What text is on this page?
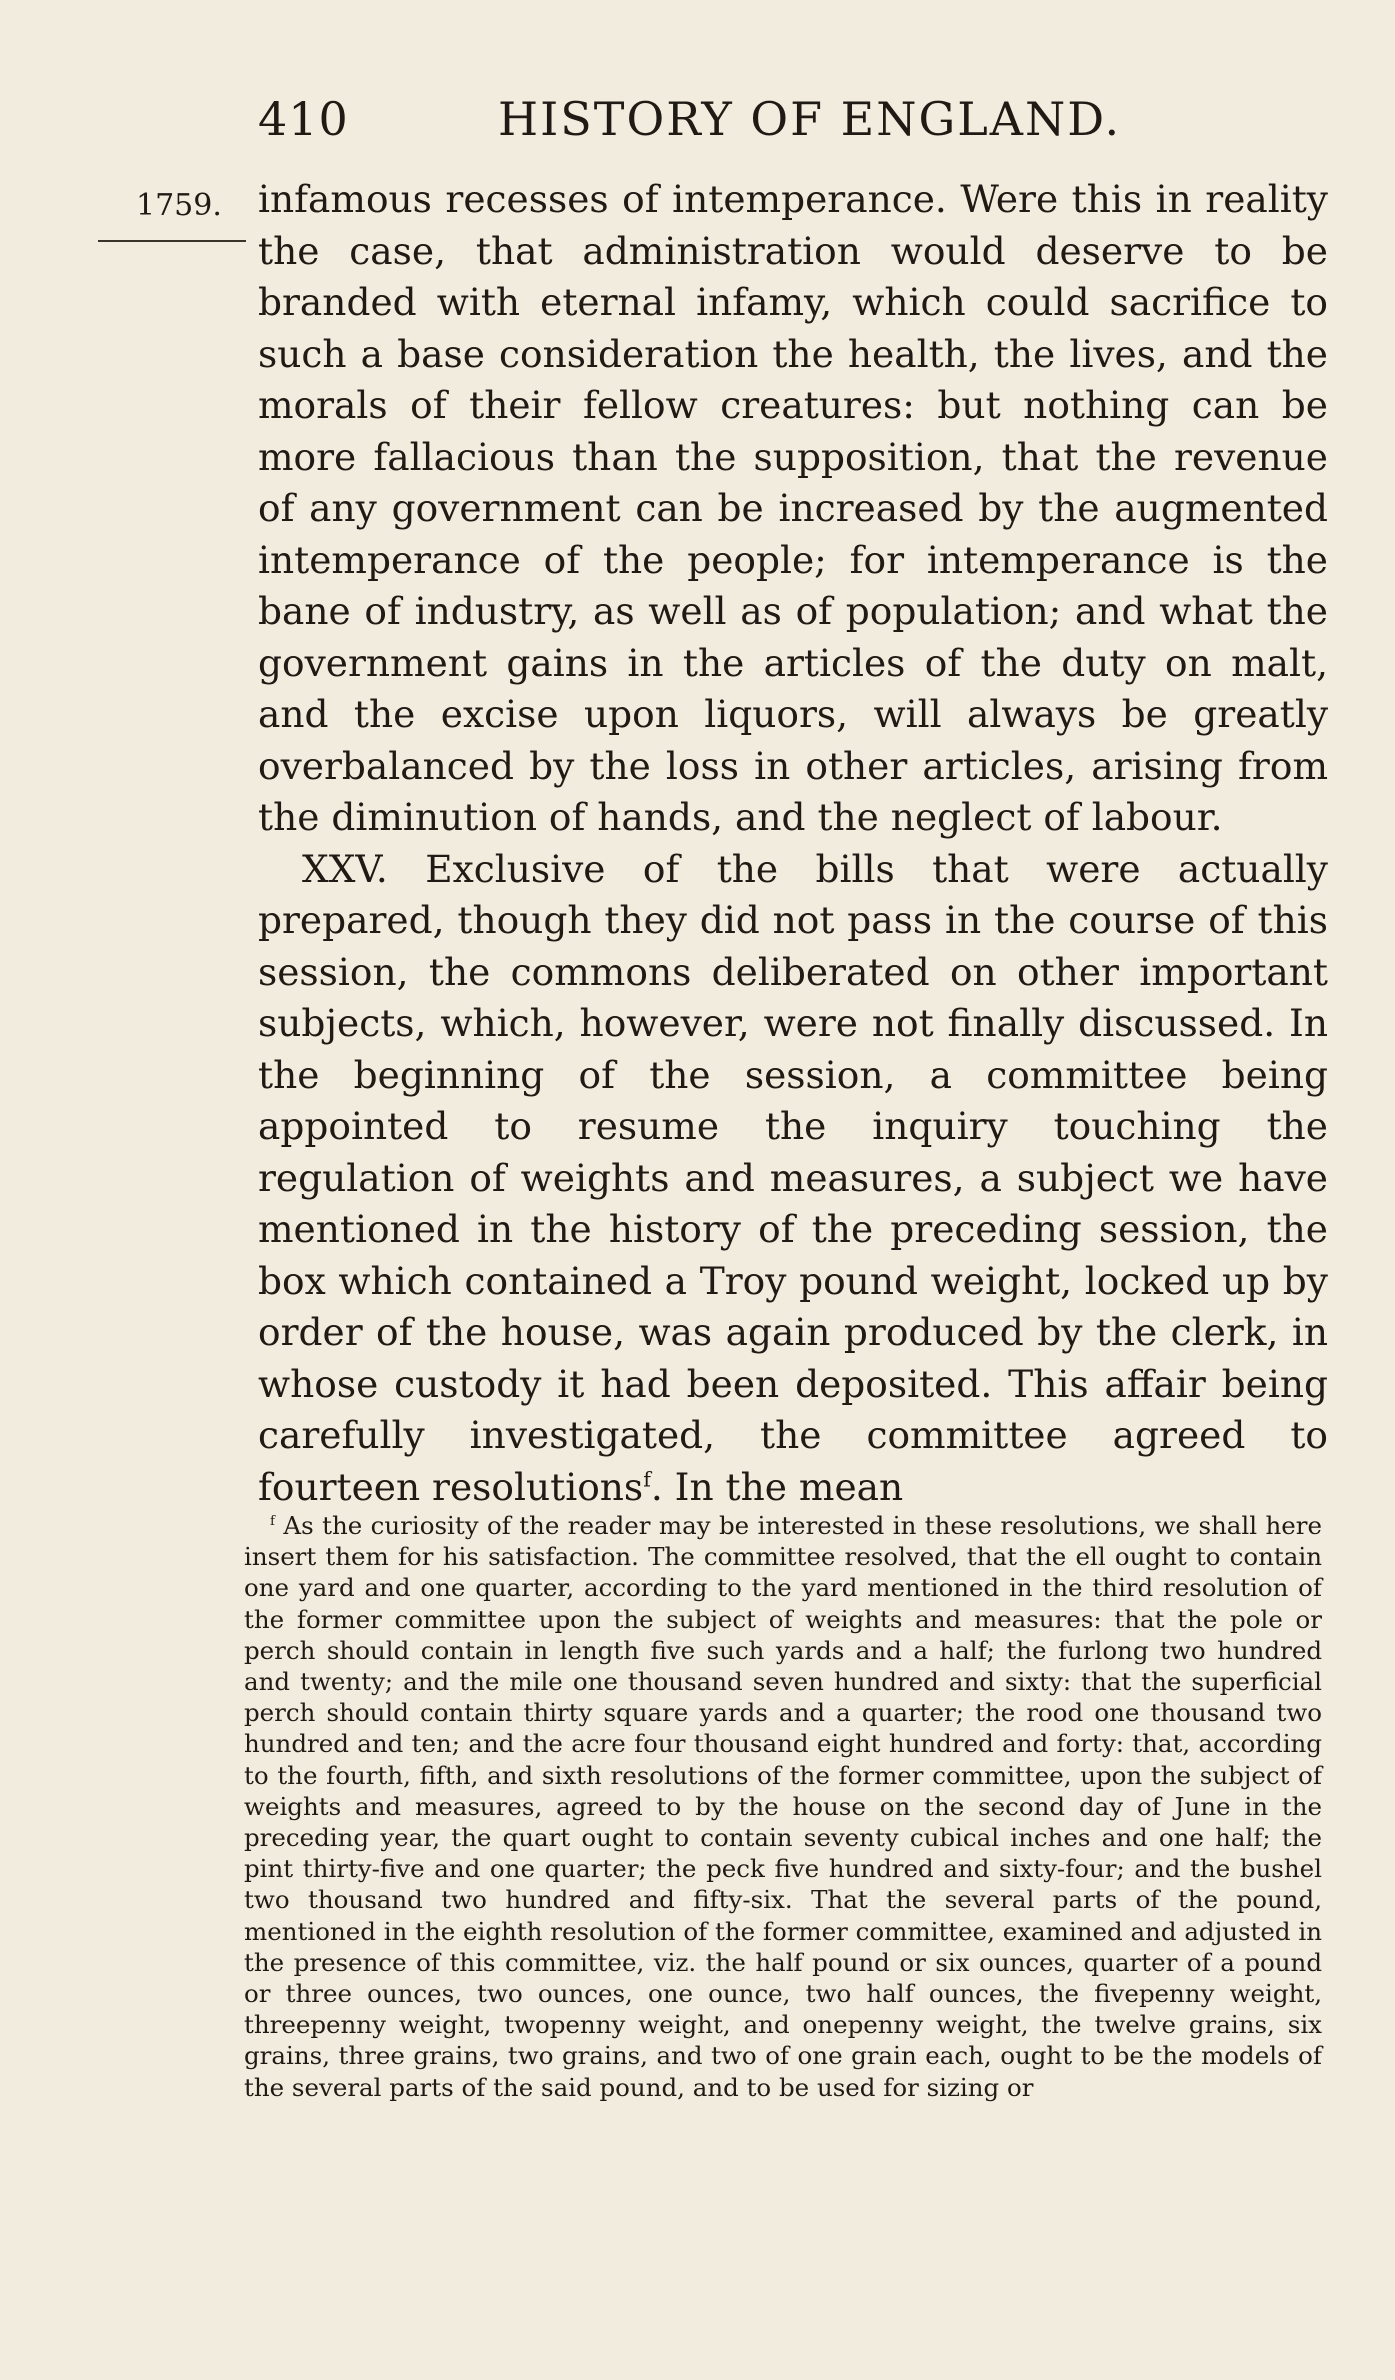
410	HISTORY OF ENGLAND.
1759. infamous recesses of intemperance. Were this in reality the case, that administration would deserve to be branded with eternal infamy, which could sacrifice to such a base consideration the health, the lives, and the morals of their fellow creatures: but nothing can be more fallacious than the supposition, that the revenue of any government can be increased by the augmented intemperance of the people; for intemperance is the bane of industry, as well as of population; and what the government gains in the articles of the duty on malt, and the excise upon liquors, will always be greatly overbalanced by the loss in other articles, arising from the diminution of hands, and the neglect of labour.

XXV. Exclusive of the bills that were actually prepared, though they did not pass in the course of this session, the commons deliberated on other important subjects, which, however, were not finally discussed. In the beginning of the session, a committee being appointed to resume the inquiry touching the regulation of weights and measures, a subject we have mentioned in the history of the preceding session, the box which contained a Troy pound weight, locked up by order of the house, was again produced by the clerk, in whose custody it had been deposited. This affair being carefully investigated, the committee agreed to fourteen resolutions$^f$. In the mean

$^f$ As the curiosity of the reader may be interested in these resolutions, we shall here insert them for his satisfaction. The committee resolved, that the ell ought to contain one yard and one quarter, according to the yard mentioned in the third resolution of the former committee upon the subject of weights and measures: that the pole or perch should contain in length five such yards and a half; the furlong two hundred and twenty; and the mile one thousand seven hundred and sixty: that the superficial perch should contain thirty square yards and a quarter; the rood one thousand two hundred and ten; and the acre four thousand eight hundred and forty: that, according to the fourth, fifth, and sixth resolutions of the former committee, upon the subject of weights and measures, agreed to by the house on the second day of June in the preceding year, the quart ought to contain seventy cubical inches and one half; the pint thirty-five and one quarter; the peck five hundred and sixty-four; and the bushel two thousand two hundred and fifty-six. That the several parts of the pound, mentioned in the eighth resolution of the former committee, examined and adjusted in the presence of this committee, viz. the half pound or six ounces, quarter of a pound or three ounces, two ounces, one ounce, two half ounces, the fivepenny weight, threepenny weight, twopenny weight, and onepenny weight, the twelve grains, six grains, three grains, two grains, and two of one grain each, ought to be the models of the several parts of the said pound, and to be used for sizing or
